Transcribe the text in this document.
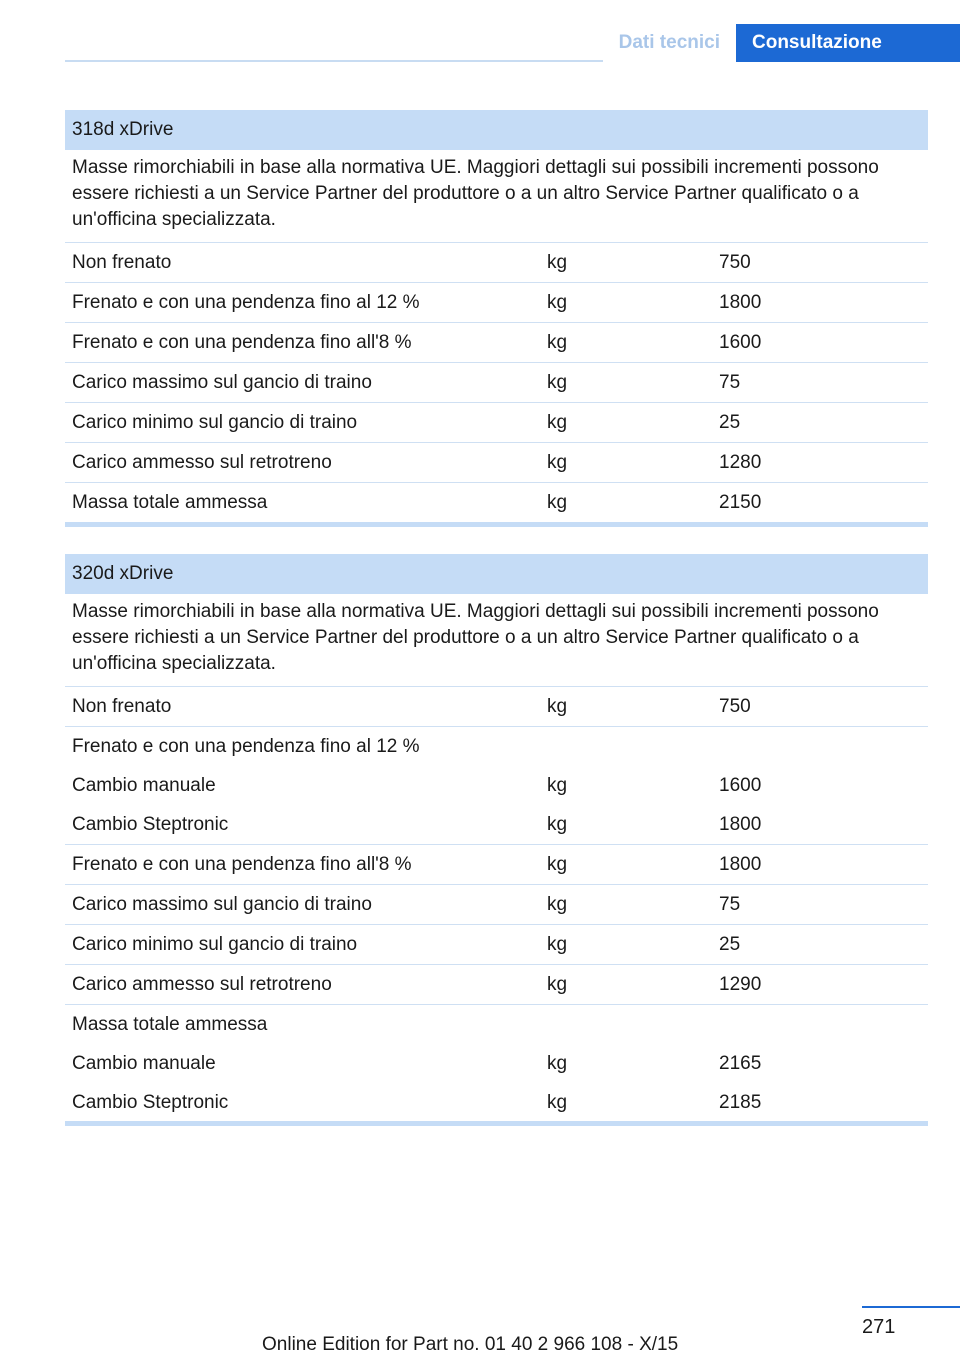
Dati tecnici	Consultazione
318d xDrive
Masse rimorchiabili in base alla normativa UE. Maggiori dettagli sui possibili incrementi possono essere richiesti a un Service Partner del produttore o a un altro Service Partner qualificato o a un'officina specializzata.
Non frenato	kg	750
Frenato e con una pendenza fino al 12 %	kg	1800
Frenato e con una pendenza fino all'8 %	kg	1600
Carico massimo sul gancio di traino	kg	75
Carico minimo sul gancio di traino	kg	25
Carico ammesso sul retrotreno	kg	1280
Massa totale ammessa	kg	2150
320d xDrive
Masse rimorchiabili in base alla normativa UE. Maggiori dettagli sui possibili incrementi possono essere richiesti a un Service Partner del produttore o a un altro Service Partner qualificato o a un'officina specializzata.
Non frenato	kg	750
Frenato e con una pendenza fino al 12 %
Cambio manuale	kg	1600
Cambio Steptronic	kg	1800
Frenato e con una pendenza fino all'8 %	kg	1800
Carico massimo sul gancio di traino	kg	75
Carico minimo sul gancio di traino	kg	25
Carico ammesso sul retrotreno	kg	1290
Massa totale ammessa
Cambio manuale	kg	2165
Cambio Steptronic	kg	2185
271
Online Edition for Part no. 01 40 2 966 108 - X/15
